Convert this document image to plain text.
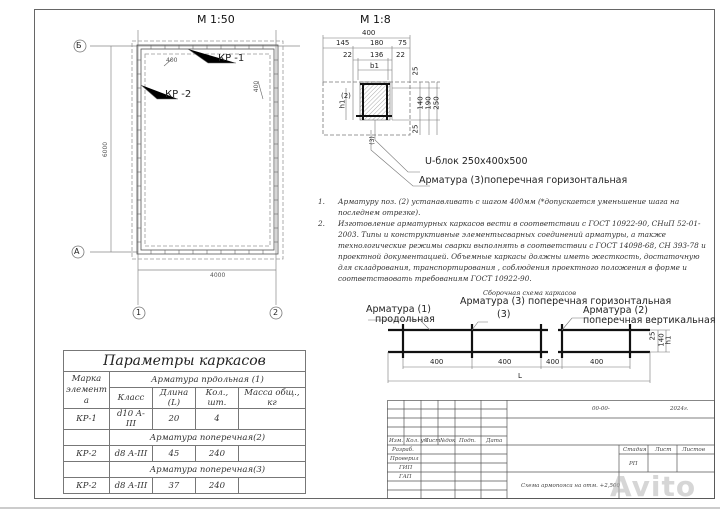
М 1:50
Б
А
1	2
4000
6000
400
400
КР -1
КР -2
М 1:8
400
145	180 75
22	136 22
b1
h1
(2)
(3)
25
140 190 250
25
U-блок 250х400х500
Арматура (3)поперечная горизонтальная
1.	Арматуру поз. (2) устанавливать с шагом 400мм (*допускается уменьшение шага на последнем отрезке).
2.	Изготовление арматурных каркасов вести в соответствии с ГОСТ 10922-90, СНиП 52-01-2003. Типы и конструктивные элементысварных соединений арматуры, а также технологические режимы сварки выполнять в соответствии с ГОСТ 14098-68, СН 393-78 и проектной документацией. Объемные каркасы должны иметь жесткость, достаточную для складрования, транспортирования , соблюдения проектного положения в форме и соответствовать требованиям ГОСТ 10922-90.
Сборочная схема каркасов
Арматура (3) поперечная горизонтальная
Арматура (1)
продольная	(3)	Арматура (2)
поперечная вертикальная
400	400	400	400
L
25 140
h1
Параметры каркасов				
Марка элемент а	Арматура прдольная (1)			
	Класс	Длина (L)	Кол., шт.	Масса общ., кг
КР-1	d10 A-III	20	4	
	Арматура поперечная(2)			
КР-2	d8 A-III	45	240	
	Арматура поперечная(3)			
КР-2	d8 A-III	37	240	
00-00-	2024г.
Изм. Кол. уч
Лист №док Подп. Дата
Разраб.
Проверил
ГИП
ГАП
Стадия Лист Листов
РП
Схема армопояса на отм. +2,500
Avito
